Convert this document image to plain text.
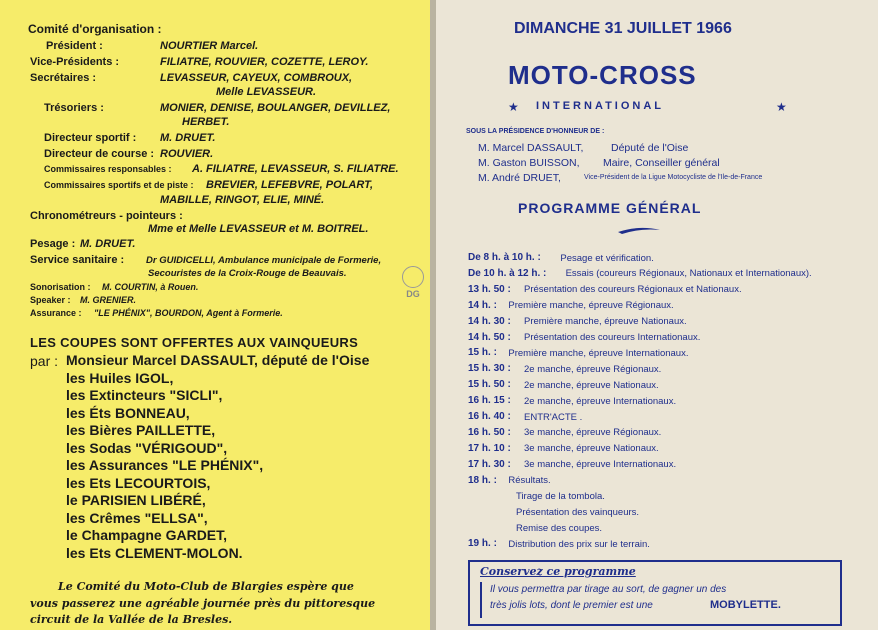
Comité d'organisation :
Président :	NOURTIER Marcel.
Vice-Présidents :	FILIATRE, ROUVIER, COZETTE, LEROY.
Secrétaires :	LEVASSEUR, CAYEUX, COMBROUX,
Melle LEVASSEUR.
Trésoriers :	MONIER, DENISE, BOULANGER, DEVILLEZ,
HERBET.
Directeur sportif : M. DRUET.
Directeur de course : ROUVIER.
Commissaires responsables : A. FILIATRE, LEVASSEUR, S. FILIATRE.
Commissaires sportifs et de piste : BREVIER, LEFEBVRE, POLART,
MABILLE, RINGOT, ELIE, MINÉ.
Chronométreurs - pointeurs :
Mme et Melle LEVASSEUR et M. BOITREL.
Pesage : M. DRUET.
Service sanitaire : Dr GUIDICELLI, Ambulance municipale de Formerie,
Secouristes de la Croix-Rouge de Beauvais.
Sonorisation : M. COURTIN, à Rouen.
Speaker : M. GRENIER.
Assurance : "LE PHÉNIX", BOURDON, Agent à Formerie.
DG
LES COUPES SONT OFFERTES AUX VAINQUEURS
par : Monsieur Marcel DASSAULT, député de l'Oise
les Huiles IGOL,
les Extincteurs "SICLI",
les Éts BONNEAU,
les Bières PAILLETTE,
les Sodas "VÉRIGOUD",
les Assurances "LE PHÉNIX",
les Ets LECOURTOIS,
le PARISIEN LIBÉRÉ,
les Crêmes "ELLSA",
le Champagne GARDET,
les Ets CLEMENT-MOLON.
Le Comité du Moto-Club de Blargies espère que
vous passerez une agréable journée près du pittoresque
circuit de la Vallée de la Bresles.
DIMANCHE 31 JUILLET 1966
MOTO-CROSS
★ INTERNATIONAL	★
SOUS LA PRÉSIDENCE D'HONNEUR DE :
M. Marcel DASSAULT,	Député de l'Oise
M. Gaston BUISSON, Maire, Conseiller général
M. André DRUET,	Vice-Président de la Ligue Motocycliste de l'Ile-de-France
PROGRAMME GÉNÉRAL
De 8 h. à 10 h. : Pesage et vérification.
De 10 h. à 12 h. : Essais (coureurs Régionaux, Nationaux et Internationaux).
13 h. 50 : Présentation des coureurs Régionaux et Nationaux.
14 h. : Première manche, épreuve Régionaux.
14 h. 30 : Première manche, épreuve Nationaux.
14 h. 50 : Présentation des coureurs Internationaux.
15 h. : Première manche, épreuve Internationaux.
15 h. 30 : 2e manche, épreuve Régionaux.
15 h. 50 : 2e manche, épreuve Nationaux.
16 h. 15 : 2e manche, épreuve Internationaux.
16 h. 40 : ENTR'ACTE .
16 h. 50 : 3e manche, épreuve Régionaux.
17 h. 10 : 3e manche, épreuve Nationaux.
17 h. 30 : 3e manche, épreuve Internationaux.
18 h. : Résultats.
Tirage de la tombola.
Présentation des vainqueurs.
Remise des coupes.
19 h. : Distribution des prix sur le terrain.
Conservez ce programme
Il vous permettra par tirage au sort, de gagner un des
très jolis lots, dont le premier est une	MOBYLETTE.
